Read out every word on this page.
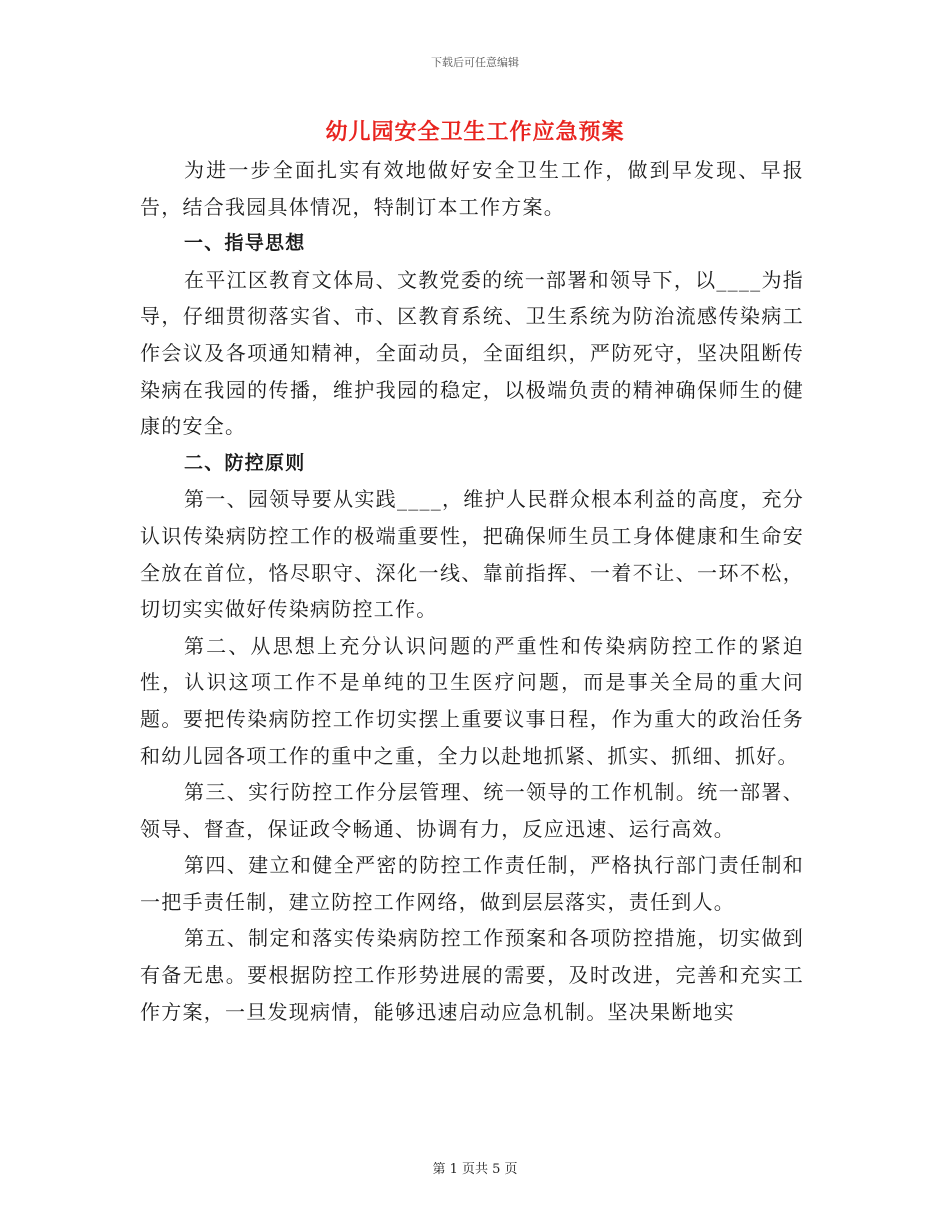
下载后可任意编辑
幼儿园安全卫生工作应急预案

为进一步全面扎实有效地做好安全卫生工作，做到早发现、早报告，结合我园具体情况，特制订本工作方案。

一、指导思想

在平江区教育文体局、文教党委的统一部署和领导下，以____为指导，仔细贯彻落实省、市、区教育系统、卫生系统为防治流感传染病工作会议及各项通知精神，全面动员，全面组织，严防死守，坚决阻断传染病在我园的传播，维护我园的稳定，以极端负责的精神确保师生的健康的安全。

二、防控原则

第一、园领导要从实践____，维护人民群众根本利益的高度，充分认识传染病防控工作的极端重要性，把确保师生员工身体健康和生命安全放在首位，恪尽职守、深化一线、靠前指挥、一着不让、一环不松，切切实实做好传染病防控工作。

第二、从思想上充分认识问题的严重性和传染病防控工作的紧迫性，认识这项工作不是单纯的卫生医疗问题，而是事关全局的重大问题。要把传染病防控工作切实摆上重要议事日程，作为重大的政治任务和幼儿园各项工作的重中之重，全力以赴地抓紧、抓实、抓细、抓好。

第三、实行防控工作分层管理、统一领导的工作机制。统一部署、领导、督查，保证政令畅通、协调有力，反应迅速、运行高效。

第四、建立和健全严密的防控工作责任制，严格执行部门责任制和一把手责任制，建立防控工作网络，做到层层落实，责任到人。

第五、制定和落实传染病防控工作预案和各项防控措施，切实做到有备无患。要根据防控工作形势进展的需要，及时改进，完善和充实工作方案，一旦发现病情，能够迅速启动应急机制。坚决果断地实

第 1 页共 5 页
